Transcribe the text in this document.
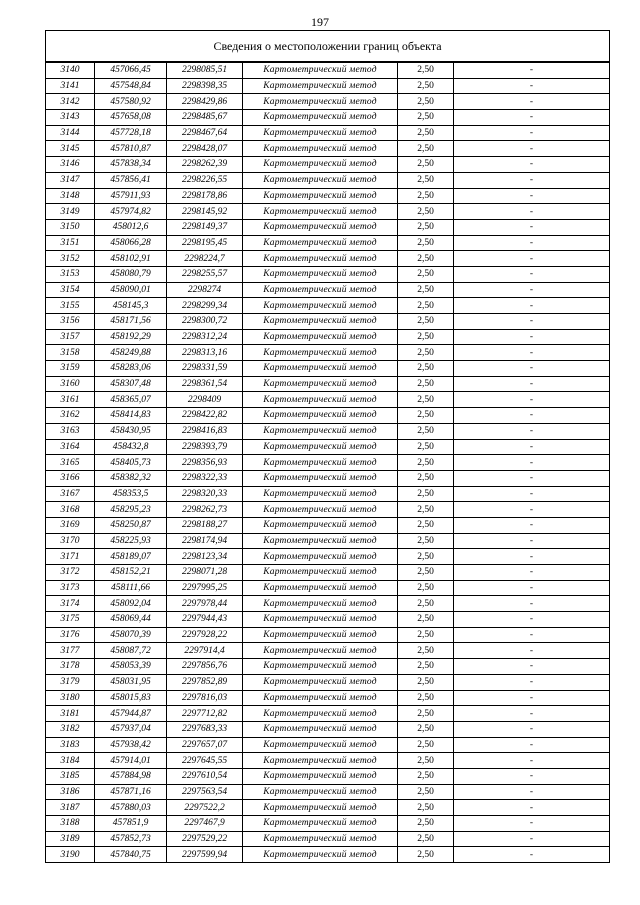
197
Сведения о местоположении границ объекта					
3140	457066,45	2298085,51	Картометрический метод	2,50	-
3141	457548,84	2298398,35	Картометрический метод	2,50	-
3142	457580,92	2298429,86	Картометрический метод	2,50	-
3143	457658,08	2298485,67	Картометрический метод	2,50	-
3144	457728,18	2298467,64	Картометрический метод	2,50	-
3145	457810,87	2298428,07	Картометрический метод	2,50	-
3146	457838,34	2298262,39	Картометрический метод	2,50	-
3147	457856,41	2298226,55	Картометрический метод	2,50	-
3148	457911,93	2298178,86	Картометрический метод	2,50	-
3149	457974,82	2298145,92	Картометрический метод	2,50	-
3150	458012,6	2298149,37	Картометрический метод	2,50	-
3151	458066,28	2298195,45	Картометрический метод	2,50	-
3152	458102,91	2298224,7	Картометрический метод	2,50	-
3153	458080,79	2298255,57	Картометрический метод	2,50	-
3154	458090,01	2298274	Картометрический метод	2,50	-
3155	458145,3	2298299,34	Картометрический метод	2,50	-
3156	458171,56	2298300,72	Картометрический метод	2,50	-
3157	458192,29	2298312,24	Картометрический метод	2,50	-
3158	458249,88	2298313,16	Картометрический метод	2,50	-
3159	458283,06	2298331,59	Картометрический метод	2,50	-
3160	458307,48	2298361,54	Картометрический метод	2,50	-
3161	458365,07	2298409	Картометрический метод	2,50	-
3162	458414,83	2298422,82	Картометрический метод	2,50	-
3163	458430,95	2298416,83	Картометрический метод	2,50	-
3164	458432,8	2298393,79	Картометрический метод	2,50	-
3165	458405,73	2298356,93	Картометрический метод	2,50	-
3166	458382,32	2298322,33	Картометрический метод	2,50	-
3167	458353,5	2298320,33	Картометрический метод	2,50	-
3168	458295,23	2298262,73	Картометрический метод	2,50	-
3169	458250,87	2298188,27	Картометрический метод	2,50	-
3170	458225,93	2298174,94	Картометрический метод	2,50	-
3171	458189,07	2298123,34	Картометрический метод	2,50	-
3172	458152,21	2298071,28	Картометрический метод	2,50	-
3173	458111,66	2297995,25	Картометрический метод	2,50	-
3174	458092,04	2297978,44	Картометрический метод	2,50	-
3175	458069,44	2297944,43	Картометрический метод	2,50	-
3176	458070,39	2297928,22	Картометрический метод	2,50	-
3177	458087,72	2297914,4	Картометрический метод	2,50	-
3178	458053,39	2297856,76	Картометрический метод	2,50	-
3179	458031,95	2297852,89	Картометрический метод	2,50	-
3180	458015,83	2297816,03	Картометрический метод	2,50	-
3181	457944,87	2297712,82	Картометрический метод	2,50	-
3182	457937,04	2297683,33	Картометрический метод	2,50	-
3183	457938,42	2297657,07	Картометрический метод	2,50	-
3184	457914,01	2297645,55	Картометрический метод	2,50	-
3185	457884,98	2297610,54	Картометрический метод	2,50	-
3186	457871,16	2297563,54	Картометрический метод	2,50	-
3187	457880,03	2297522,2	Картометрический метод	2,50	-
3188	457851,9	2297467,9	Картометрический метод	2,50	-
3189	457852,73	2297529,22	Картометрический метод	2,50	-
3190	457840,75	2297599,94	Картометрический метод	2,50	-
